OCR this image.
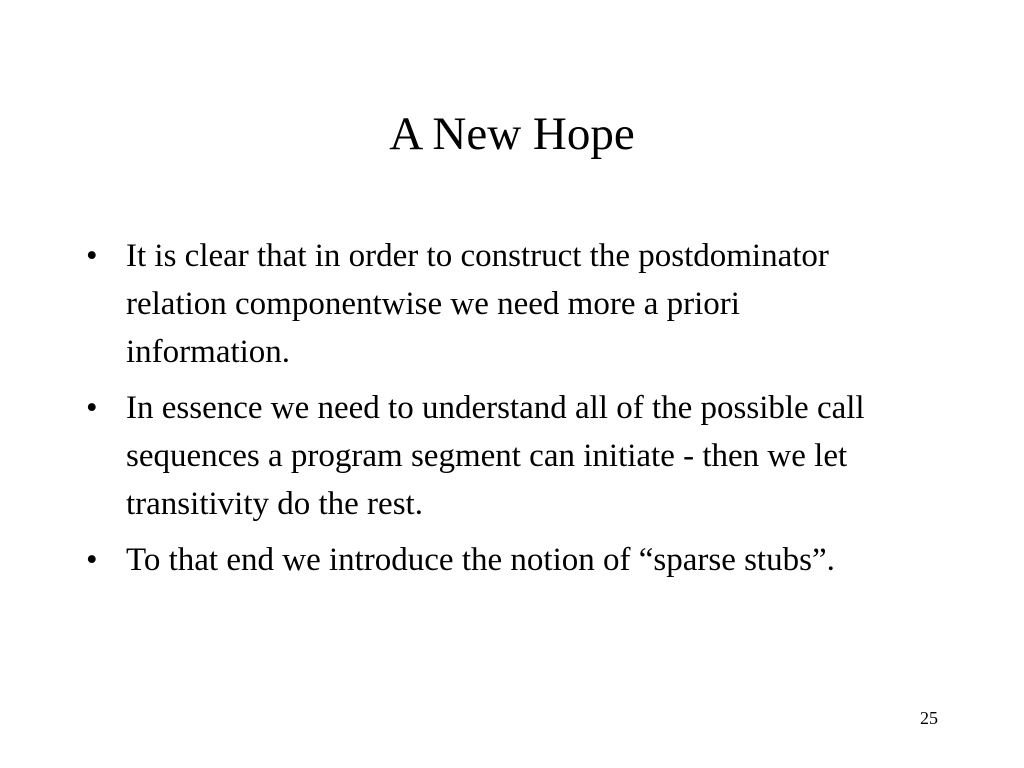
A New Hope
• It is clear that in order to construct the postdominator relation componentwise we need more a priori information.
• In essence we need to understand all of the possible call sequences a program segment can initiate - then we let transitivity do the rest.
• To that end we introduce the notion of “sparse stubs”.
25
